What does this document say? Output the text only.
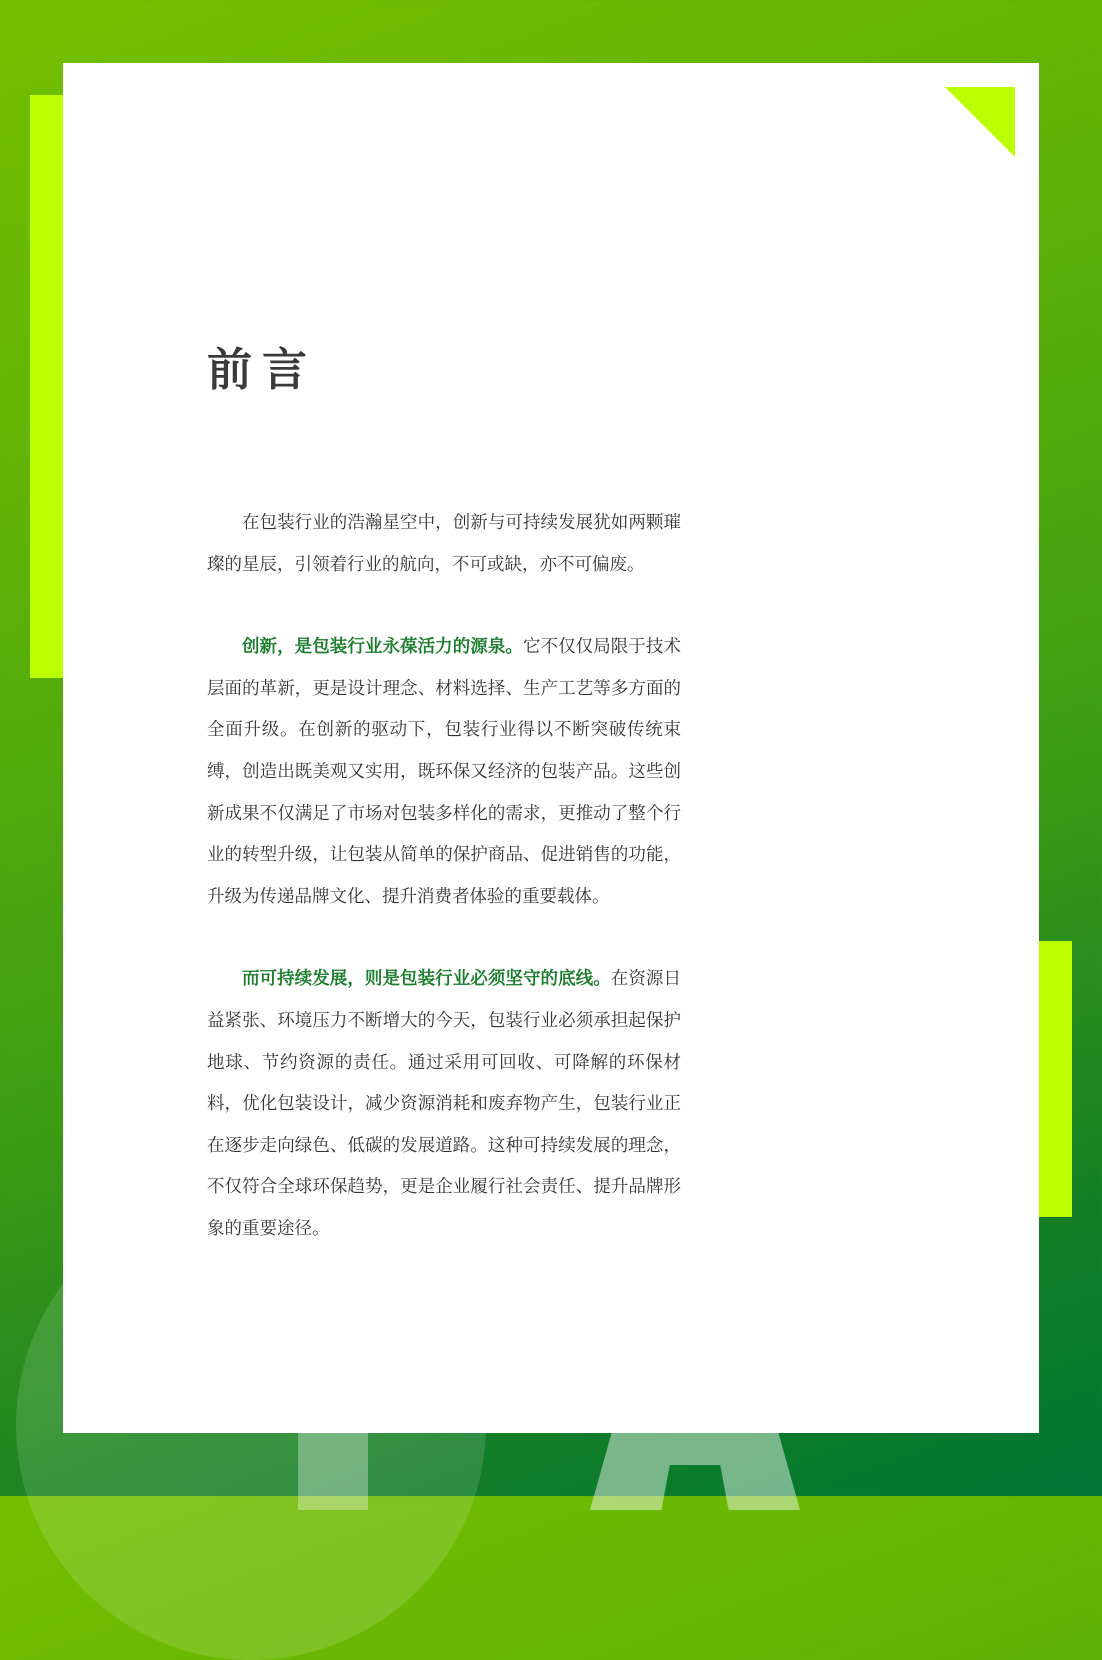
前言

在包装行业的浩瀚星空中，创新与可持续发展犹如两颗璀璨的星辰，引领着行业的航向，不可或缺，亦不可偏废。

创新，是包装行业永葆活力的源泉。它不仅仅局限于技术层面的革新，更是设计理念、材料选择、生产工艺等多方面的全面升级。在创新的驱动下，包装行业得以不断突破传统束缚，创造出既美观又实用，既环保又经济的包装产品。这些创新成果不仅满足了市场对包装多样化的需求，更推动了整个行业的转型升级，让包装从简单的保护商品、促进销售的功能，升级为传递品牌文化、提升消费者体验的重要载体。

而可持续发展，则是包装行业必须坚守的底线。在资源日益紧张、环境压力不断增大的今天，包装行业必须承担起保护地球、节约资源的责任。通过采用可回收、可降解的环保材料，优化包装设计，减少资源消耗和废弃物产生，包装行业正在逐步走向绿色、低碳的发展道路。这种可持续发展的理念，不仅符合全球环保趋势，更是企业履行社会责任、提升品牌形象的重要途径。
